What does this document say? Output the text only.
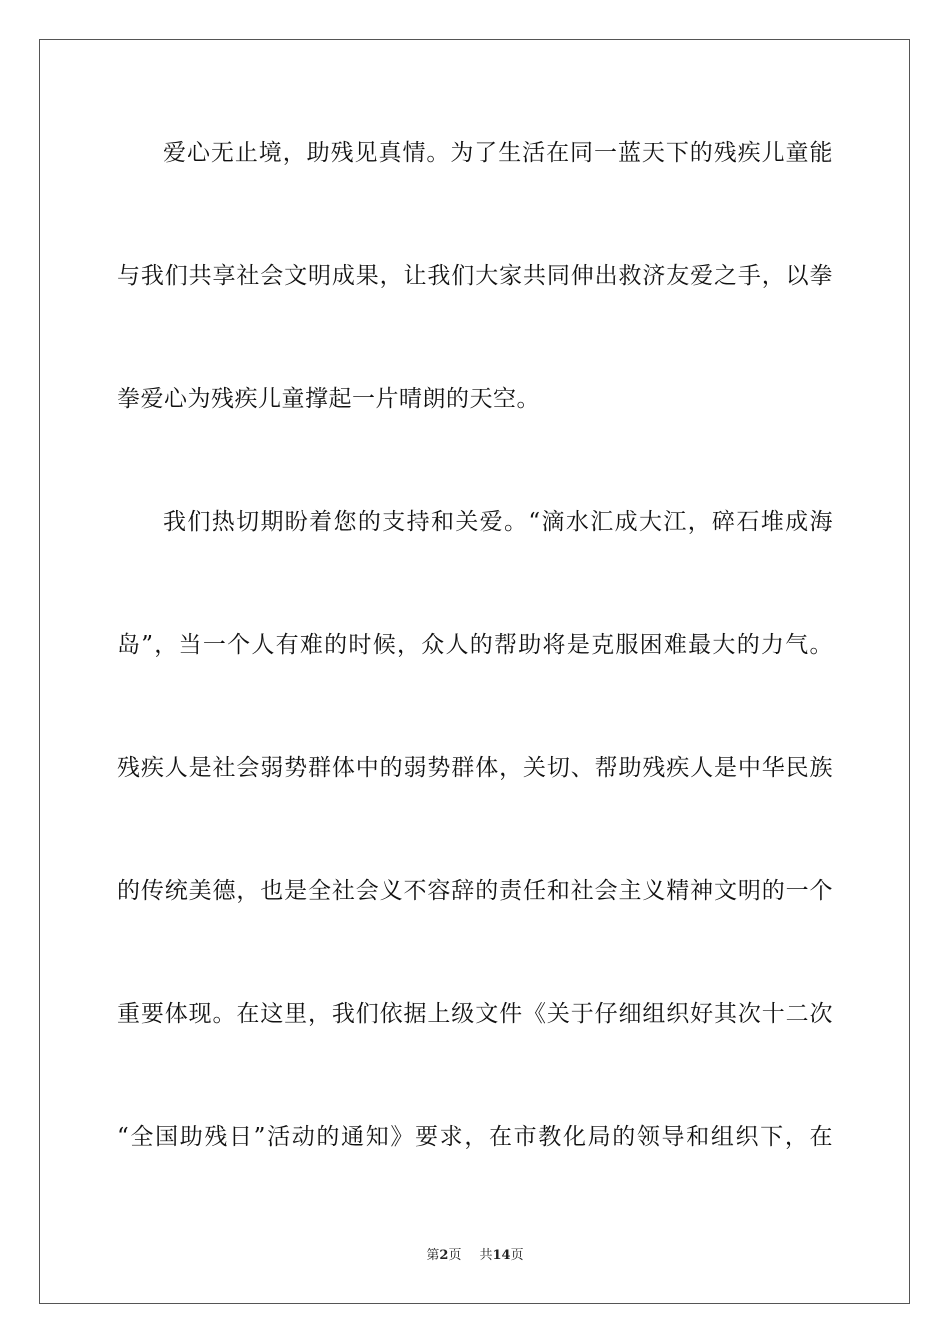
爱心无止境，助残见真情。为了生活在同一蓝天下的残疾儿童能
与我们共享社会文明成果，让我们大家共同伸出救济友爱之手，以拳
拳爱心为残疾儿童撑起一片晴朗的天空。
我们热切期盼着您的支持和关爱。“滴水汇成大江，碎石堆成海
岛”，当一个人有难的时候，众人的帮助将是克服困难最大的力气。
残疾人是社会弱势群体中的弱势群体，关切、帮助残疾人是中华民族
的传统美德，也是全社会义不容辞的责任和社会主义精神文明的一个
重要体现。在这里，我们依据上级文件《关于仔细组织好其次十二次
“全国助残日”活动的通知》要求，在市教化局的领导和组织下，在
第2页 共14页
